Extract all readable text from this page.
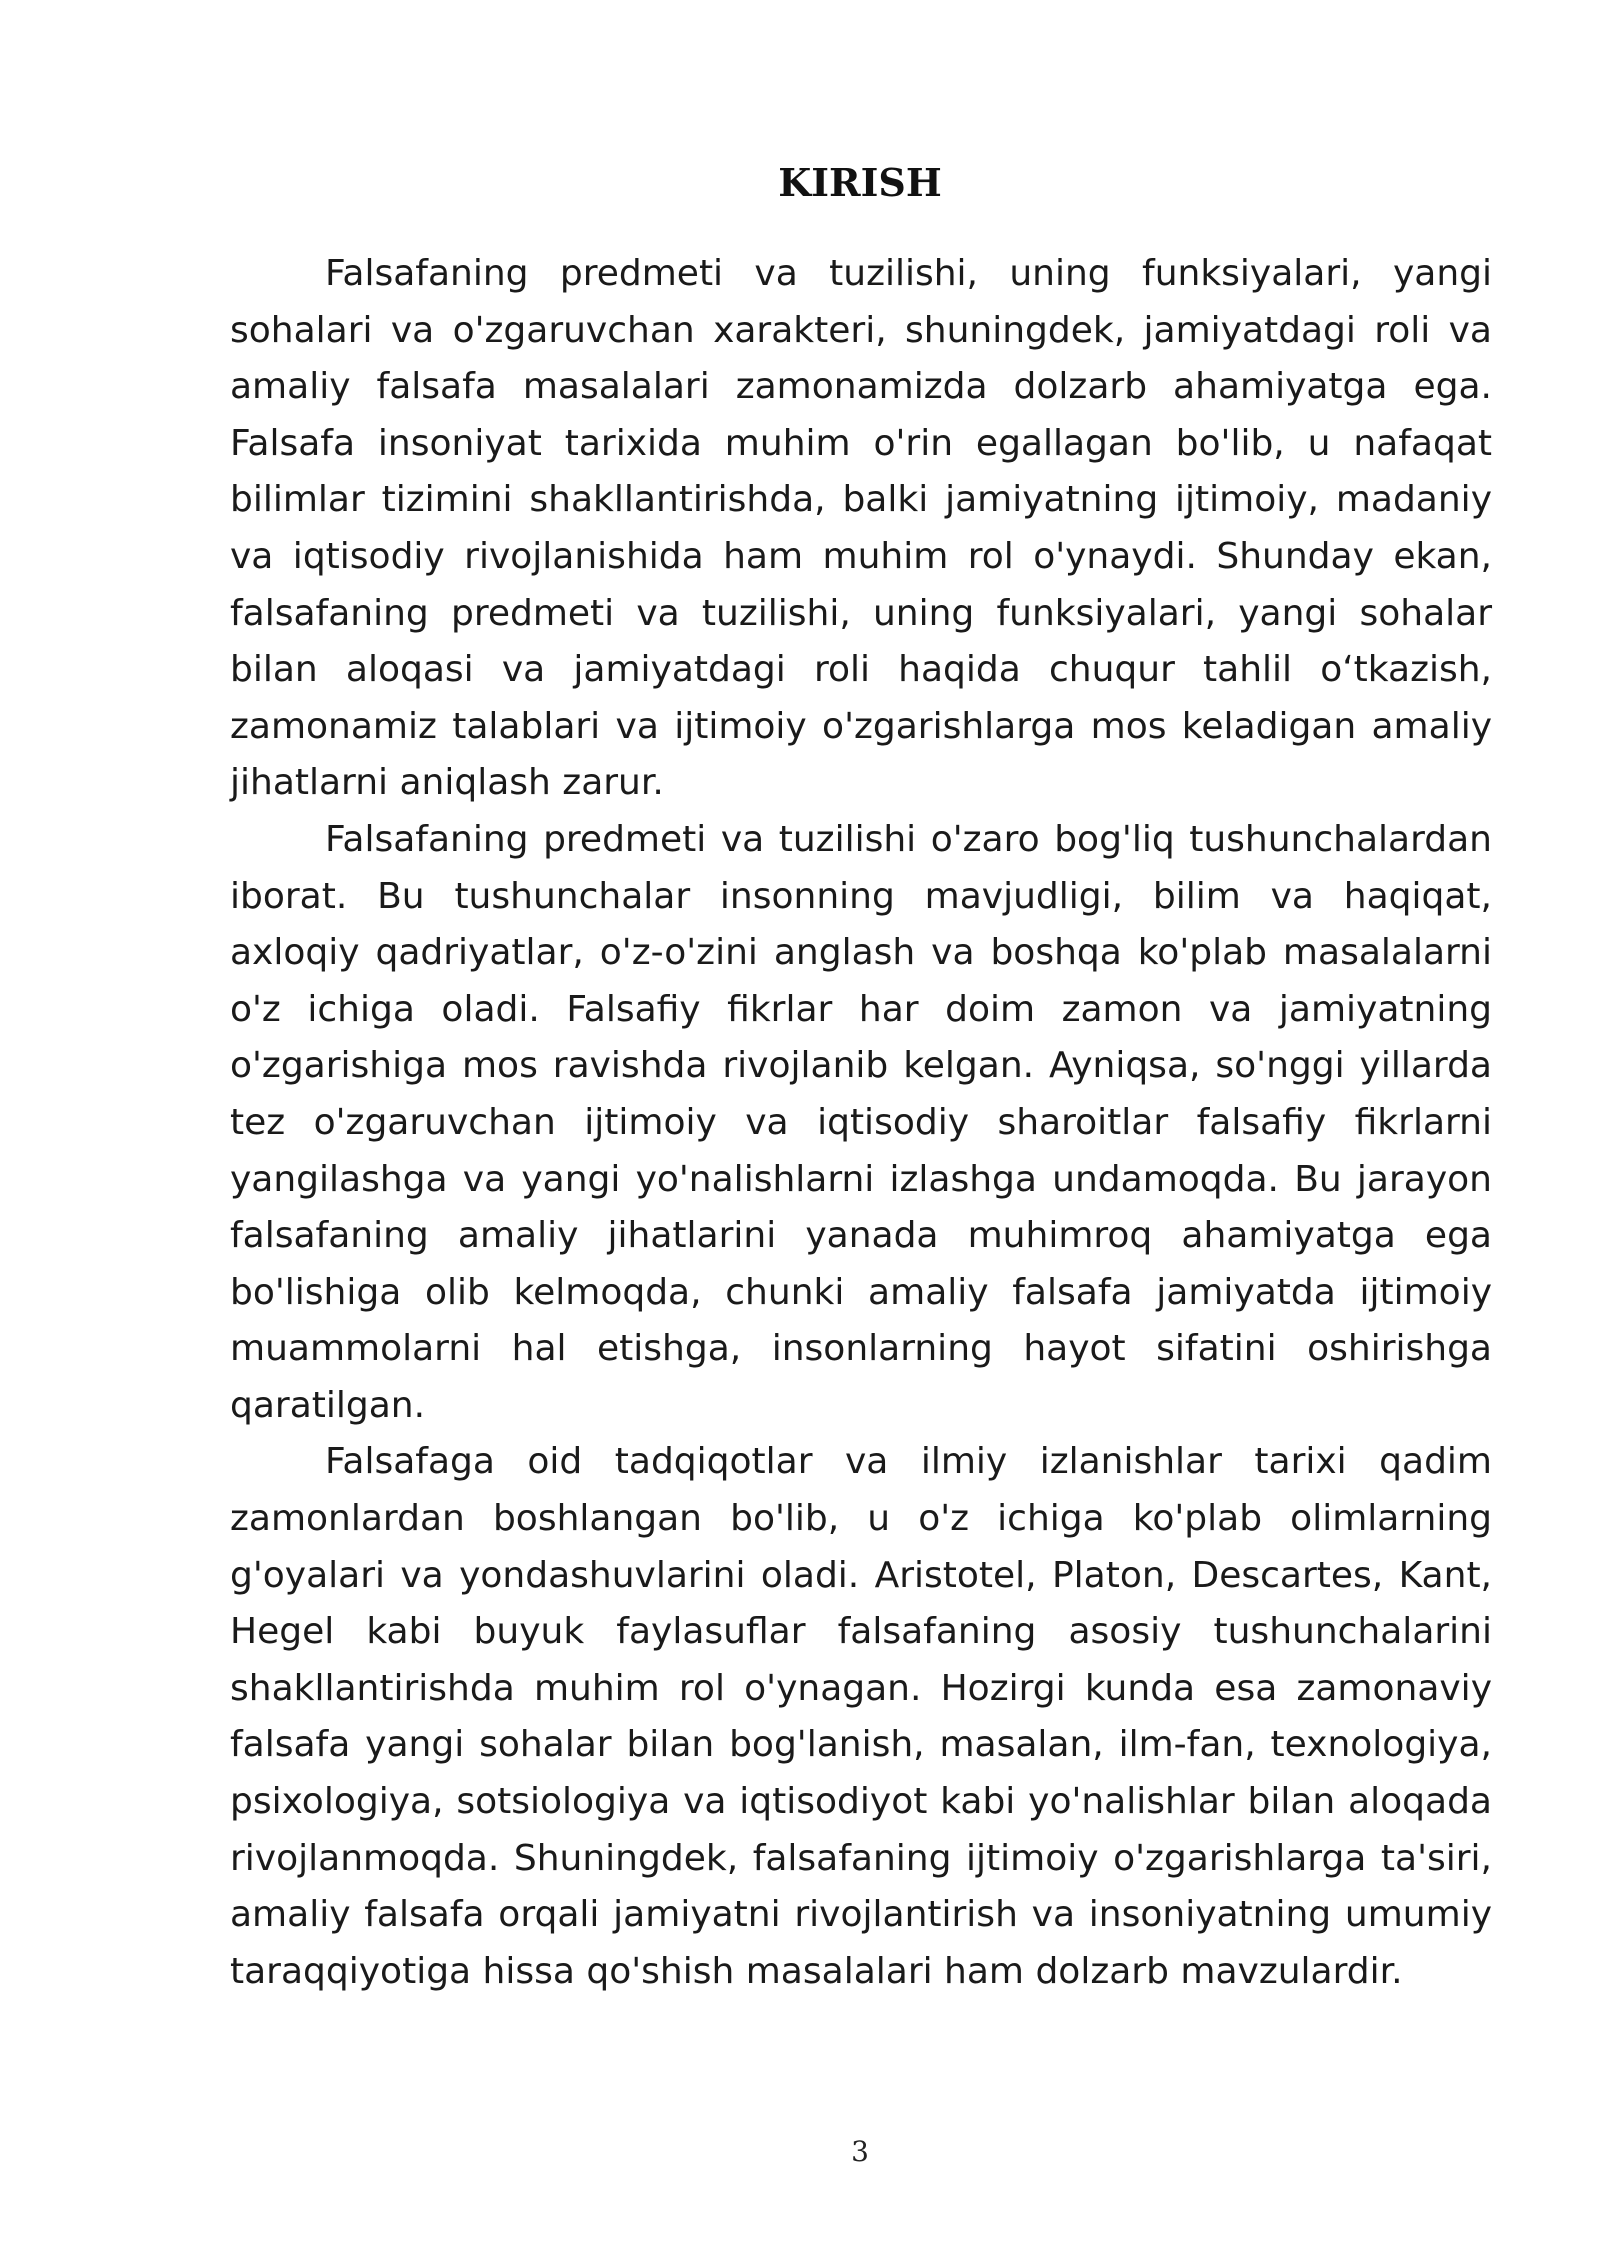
KIRISH

Falsafaning predmeti va tuzilishi, uning funksiyalari, yangi sohalari va o'zgaruvchan xarakteri, shuningdek, jamiyatdagi roli va amaliy falsafa masalalari zamonamizda dolzarb ahamiyatga ega. Falsafa insoniyat tarixida muhim o'rin egallagan bo'lib, u nafaqat bilimlar tizimini shakllantirishda, balki jamiyatning ijtimoiy, madaniy va iqtisodiy rivojlanishida ham muhim rol o'ynaydi. Shunday ekan, falsafaning predmeti va tuzilishi, uning funksiyalari, yangi sohalar bilan aloqasi va jamiyatdagi roli haqida chuqur tahlil o‘tkazish, zamonamiz talablari va ijtimoiy o'zgarishlarga mos keladigan amaliy jihatlarni aniqlash zarur.

Falsafaning predmeti va tuzilishi o'zaro bog'liq tushunchalardan iborat. Bu tushunchalar insonning mavjudligi, bilim va haqiqat, axloqiy qadriyatlar, o'z-o'zini anglash va boshqa ko'plab masalalarni o'z ichiga oladi. Falsafiy fikrlar har doim zamon va jamiyatning o'zgarishiga mos ravishda rivojlanib kelgan. Ayniqsa, so'nggi yillarda tez o'zgaruvchan ijtimoiy va iqtisodiy sharoitlar falsafiy fikrlarni yangilashga va yangi yo'nalishlarni izlashga undamoqda. Bu jarayon falsafaning amaliy jihatlarini yanada muhimroq ahamiyatga ega bo'lishiga olib kelmoqda, chunki amaliy falsafa jamiyatda ijtimoiy muammolarni hal etishga, insonlarning hayot sifatini oshirishga qaratilgan.

Falsafaga oid tadqiqotlar va ilmiy izlanishlar tarixi qadim zamonlardan boshlangan bo'lib, u o'z ichiga ko'plab olimlarning g'oyalari va yondashuvlarini oladi. Aristotel, Platon, Descartes, Kant, Hegel kabi buyuk faylasuflar falsafaning asosiy tushunchalarini shakllantirishda muhim rol o'ynagan. Hozirgi kunda esa zamonaviy falsafa yangi sohalar bilan bog'lanish, masalan, ilm-fan, texnologiya, psixologiya, sotsiologiya va iqtisodiyot kabi yo'nalishlar bilan aloqada rivojlanmoqda. Shuningdek, falsafaning ijtimoiy o'zgarishlarga ta'siri, amaliy falsafa orqali jamiyatni rivojlantirish va insoniyatning umumiy taraqqiyotiga hissa qo'shish masalalari ham dolzarb mavzulardir.

3
